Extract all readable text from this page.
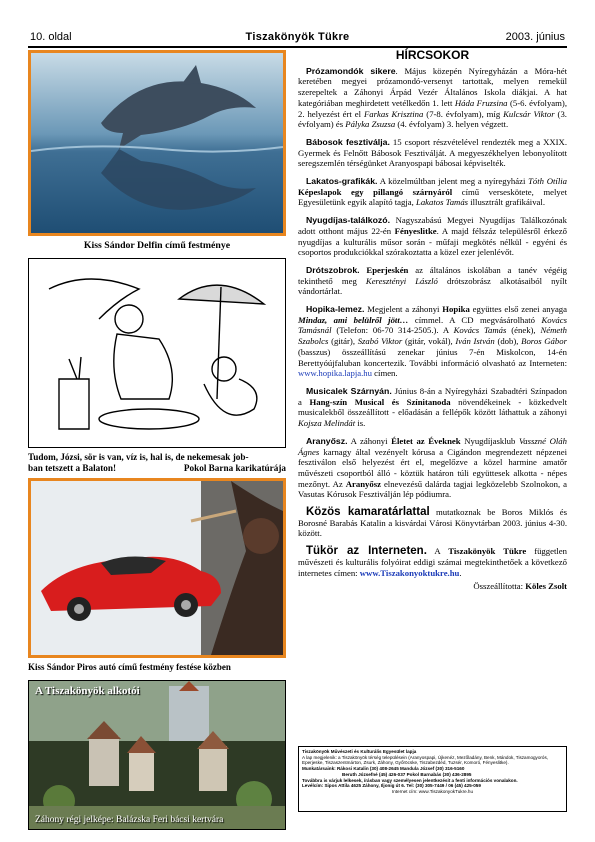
10. oldal	Tiszakönyök Tükre	2003. június
Kiss Sándor Delfin című festménye
Tudom, Józsi, sör is van, víz is, hal is, de nekemesak job-
ban tetszett a Balaton!	Pokol Barna karikatúrája
Kiss Sándor Piros autó című festmény festése közben
A Tiszakönyök alkotói
Záhony régi jelképe: Balázska Feri bácsi kertvára
HÍRCSOKOR

Prózamondók sikere. Május közepén Nyíregyházán a Móra-hét keretében megyei prózamondó-versenyt tartottak, melyen remekül szerepeltek a Záhonyi Árpád Vezér Általános Iskola diákjai. A hat kategóriában meghirdetett vetélkedőn 1. lett Háda Fruzsina (5-6. évfolyam), 2. helyezést ért el Farkas Krisztina (7-8. évfolyam), míg Kulcsár Viktor (3. évfolyam) és Pályka Zsuzsa (4. évfolyam) 3. helyen végzett.

Bábosok fesztiválja. 15 csoport részvételével rendezték meg a XXIX. Gyermek és Felnőtt Bábosok Fesztiválját. A megyeszékhelyen lebonyolított seregszemlén térségünket Aranyospapi bábosai képviselték.

Lakatos-grafikák. A közelmúltban jelent meg a nyíregyházi Tóth Otília Képeslapok egy pillangó szárnyáról című verseskötete, melyet Egyesületünk egyik alapító tagja, Lakatos Tamás illusztrált grafikáival.

Nyugdíjas-találkozó. Nagyszabású Megyei Nyugdíjas Találkozónak adott otthont május 22-én Fényeslitke. A majd félszáz településről érkező nyugdíjas a kulturális műsor során - műfaji megkötés nélkül - egyéni és csoportos produkciókkal szórakoztatta a közel ezer jelenlévőt.

Drótszobrok. Eperjeskén az általános iskolában a tanév végéig tekinthető meg Keresztényi László drótszobrász alkotásaiból nyílt vándortárlat.

Hopika-lemez. Megjelent a záhonyi Hopika együttes első zenei anyaga Mindaz, ami belülről jött… címmel. A CD megvásárolható Kovács Tamásnál (Telefon: 06-70 314-2505.). A Kovács Tamás (ének), Németh Szabolcs (gitár), Szabó Viktor (gitár, vokál), Iván István (dob), Boros Gábor (basszus) összeállítású zenekar június 7-én Miskolcon, 14-én Berettyóújfaluban koncertezik. További információ olvasható az Interneten: www.hopika.lapja.hu címen.

Musicalek Szárnyán. Június 8-án a Nyíregyházi Szabadtéri Színpadon a Hang-szín Musical és Színitanoda növendékeinek - közkedvelt musicalekből összeállított - előadásán a fellépők között láthattuk a záhonyi Kojsza Melindát is.

Aranyősz. A záhonyi Életet az Éveknek Nyugdíjasklub Vasszné Oláh Ágnes karnagy által vezényelt kórusa a Cigándon megrendezett népzenei fesztiválon első helyezést ért el, megelőzve a közel harmine amatőr művészeti csoportból álló - köztük határon túli együttesek alkotta - népes mezőnyt. Az Aranyősz elnevezésű dalárda tagjai legközelebb Szolnokon, a Vasutas Kórusok Fesztiválján lép pódiumra.

Közös kamaratárlattal mutatkoznak be Boros Miklós és Borosné Barabás Katalin a kisvárdai Városi Könyvtárban 2003. június 4-30. között.

Tükör az Interneten. A Tiszakönyök Tükre független művészeti és kulturális folyóirat eddigi számai megtekinthetőek a következő internetes címen: www.Tiszakonyoktukre.hu.

Összeállította: Köles Zsolt
Tiszakönyök Művészeti és Kulturális Egyesület lapja
A lap megjelenik: a Tiszakönyök térség településein (Aranyospapi, Újkenéz, Mezőladány, Benk, Mándok, Tiszamogyorós, Eperjeske, Tiszaszentmárton, Zsurk, Záhony, Győröcske, Tiszabezdéd, Tuzsér, Komoró, Fényeslitke).
Munkatársaink: Rákosi Katalin (30) 408-2645 Mandula József (30) 316-5160
Beruth Józsefné (45) 426-037 Pokol Barnabás (30) 436-2895
Továbbra is várjuk lelkesek, írásban vagy személyesen jelentkezésit a fenti információs vonalakon.
Levélcím: Sipos Attila 4625 Záhony, Iljonig út 6. Tel: (30) 305-7449 / 06 (45) 425-059
Internet cím: www.TiszakonyokTukre.hu
